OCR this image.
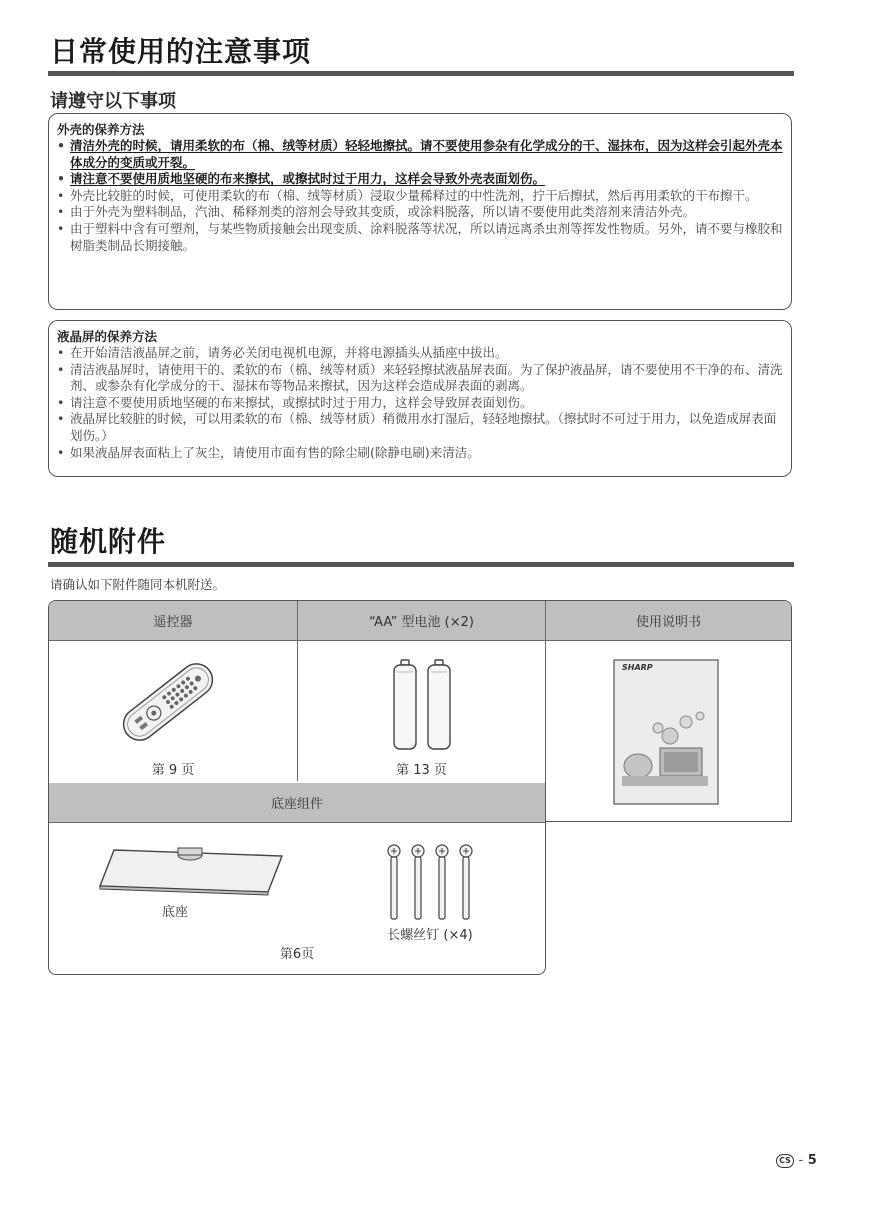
日常使用的注意事项
请遵守以下事项
外壳的保养方法
• 清洁外壳的时候，请用柔软的布（棉、绒等材质）轻轻地擦拭。请不要使用参杂有化学成分的干、湿抹布，因为这样会引起外壳本体成分的变质或开裂。
• 请注意不要使用质地坚硬的布来擦拭，或擦拭时过于用力，这样会导致外壳表面划伤。
• 外壳比较脏的时候，可使用柔软的布（棉、绒等材质）浸取少量稀释过的中性洗剂，拧干后擦拭，然后再用柔软的干布擦干。
• 由于外壳为塑料制品，汽油、稀释剂类的溶剂会导致其变质，或涂料脱落，所以请不要使用此类溶剂来清洁外壳。
• 由于塑料中含有可塑剂，与某些物质接触会出现变质、涂料脱落等状况，所以请远离杀虫剂等挥发性物质。另外，请不要与橡胶和树脂类制品长期接触。
液晶屏的保养方法
• 在开始清洁液晶屏之前，请务必关闭电视机电源，并将电源插头从插座中拔出。
• 清洁液晶屏时，请使用干的、柔软的布（棉、绒等材质）来轻轻擦拭液晶屏表面。为了保护液晶屏，请不要使用不干净的布、清洗剂、或参杂有化学成分的干、湿抹布等物品来擦拭，因为这样会造成屏表面的剥离。
• 请注意不要使用质地坚硬的布来擦拭，或擦拭时过于用力，这样会导致屏表面划伤。
• 液晶屏比较脏的时候，可以用柔软的布（棉、绒等材质）稍微用水打湿后，轻轻地擦拭。（擦拭时不可过于用力，以免造成屏表面划伤。）
• 如果液晶屏表面粘上了灰尘，请使用市面有售的除尘刷(除静电刷)来清洁。
随机附件
请确认如下附件随同本机附送。
遥控器	“AA” 型电池 (×2)	使用说明书
第 9 页	第 13 页
SHARP
底座组件
底座
长螺丝钉 (×4)
第6页
CS - 5
